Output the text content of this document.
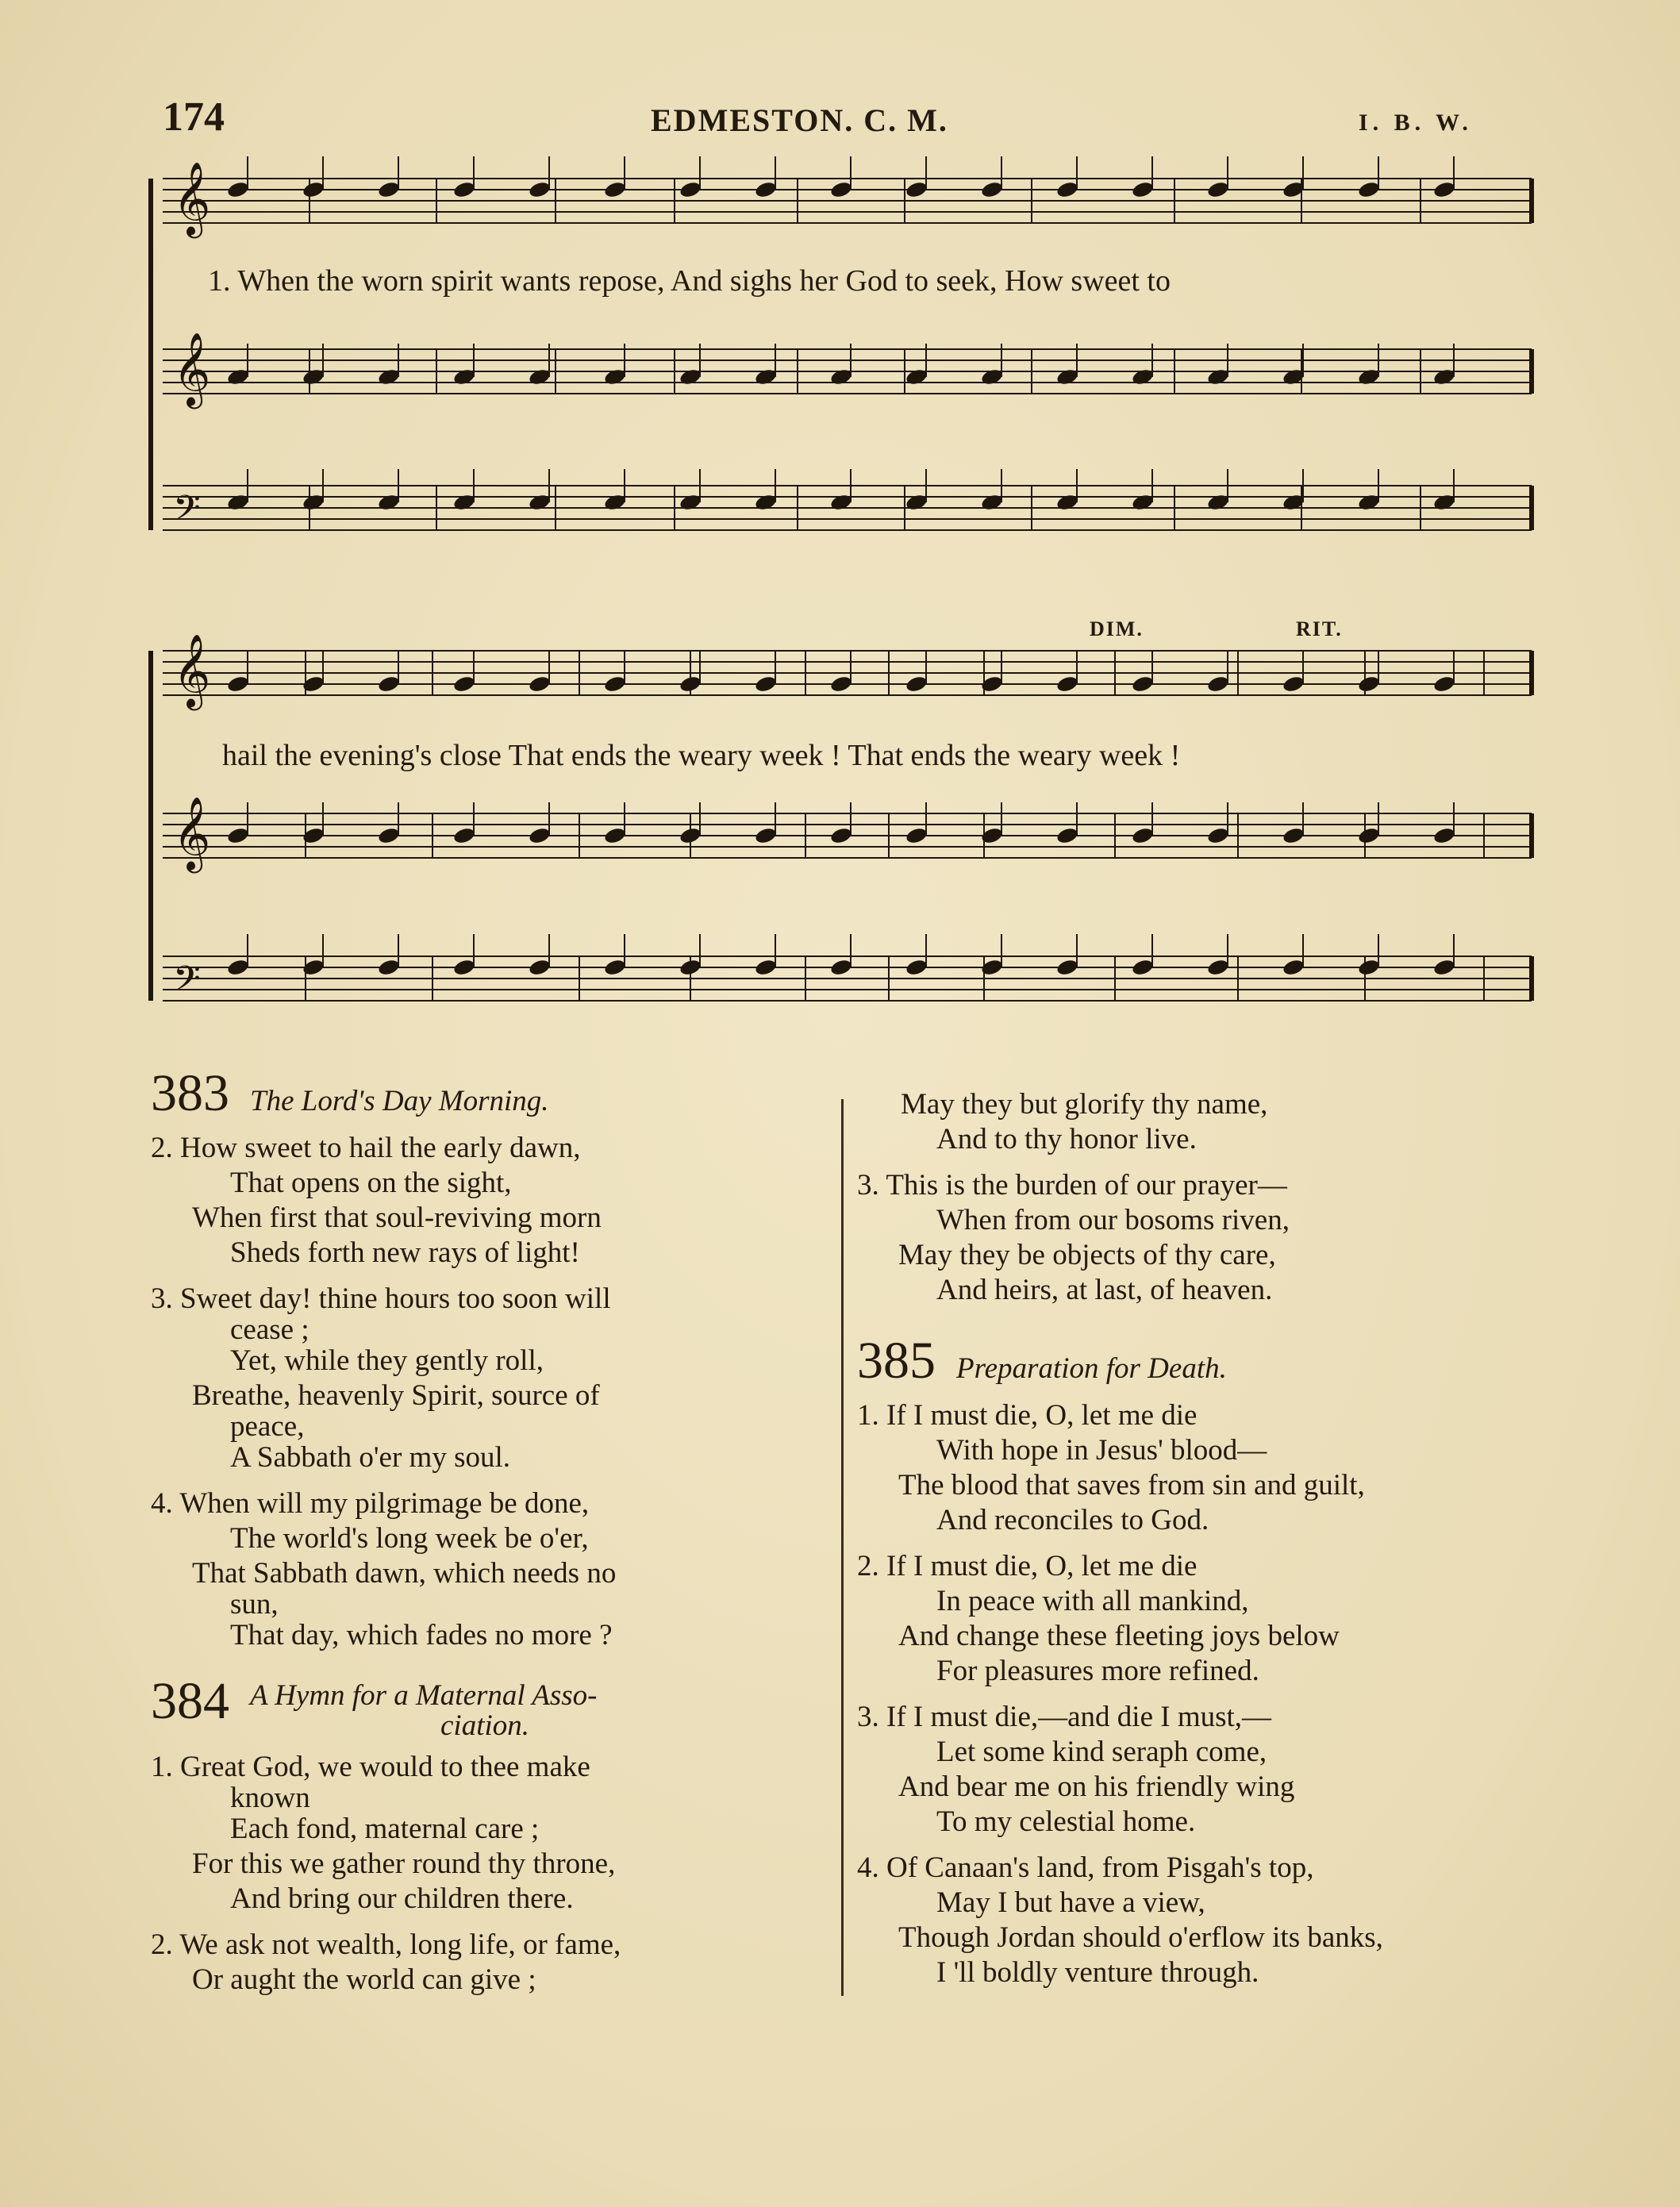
174	EDMESTON. C. M.	I. B. W.
𝄞
𝄞
𝄢
𝄞
𝄞
𝄢
1. When the worn spirit wants repose, And sighs her God to seek, How sweet to
hail the evening's close That ends the weary week ! That ends the weary week !
DIM.	RIT.
383 The Lord's Day Morning.
2. How sweet to hail the early dawn,
That opens on the sight,
When first that soul-reviving morn
Sheds forth new rays of light!
3. Sweet day! thine hours too soon will
cease ;
Yet, while they gently roll,
Breathe, heavenly Spirit, source of
peace,
A Sabbath o'er my soul.
4. When will my pilgrimage be done,
The world's long week be o'er,
That Sabbath dawn, which needs no
sun,
That day, which fades no more ?
384 A Hymn for a Maternal Asso-
ciation.
1. Great God, we would to thee make
known
Each fond, maternal care ;
For this we gather round thy throne,
And bring our children there.
2. We ask not wealth, long life, or fame,
Or aught the world can give ;
May they but glorify thy name,
And to thy honor live.
3. This is the burden of our prayer—
When from our bosoms riven,
May they be objects of thy care,
And heirs, at last, of heaven.
385 Preparation for Death.
1. If I must die, O, let me die
With hope in Jesus' blood—
The blood that saves from sin and guilt,
And reconciles to God.
2. If I must die, O, let me die
In peace with all mankind,
And change these fleeting joys below
For pleasures more refined.
3. If I must die,—and die I must,—
Let some kind seraph come,
And bear me on his friendly wing
To my celestial home.
4. Of Canaan's land, from Pisgah's top,
May I but have a view,
Though Jordan should o'erflow its banks,
I 'll boldly venture through.
